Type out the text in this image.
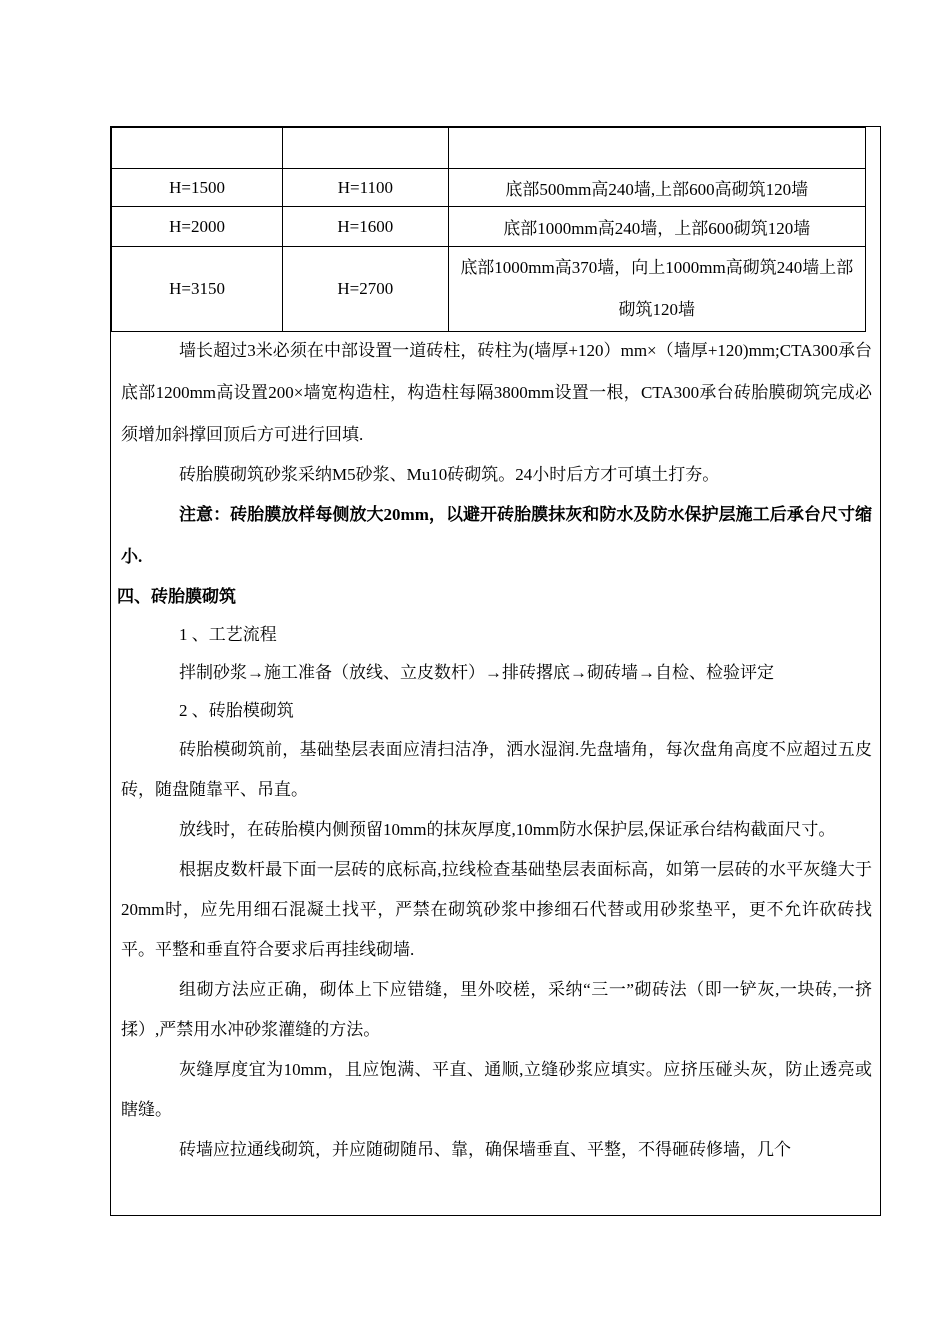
H=1500	H=1100	底部500mm高240墙,上部600高砌筑120墙
H=2000	H=1600	底部1000mm高240墙，上部600砌筑120墙
H=3150	H=2700	底部1000mm高370墙，向上1000mm高砌筑240墙上部砌筑120墙

墙长超过3米必须在中部设置一道砖柱，砖柱为(墙厚+120）mm×（墙厚+120)mm;CTA300承台底部1200mm高设置200×墙宽构造柱，构造柱每隔3800mm设置一根，CTA300承台砖胎膜砌筑完成必须增加斜撑回顶后方可进行回填.

砖胎膜砌筑砂浆采纳M5砂浆、Mu10砖砌筑。24小时后方才可填土打夯。

注意：砖胎膜放样每侧放大20mm，以避开砖胎膜抹灰和防水及防水保护层施工后承台尺寸缩小.

四、砖胎膜砌筑

1 、工艺流程

拌制砂浆→施工准备（放线、立皮数杆）→排砖撂底→砌砖墙→自检、检验评定

2 、砖胎模砌筑

砖胎模砌筑前，基础垫层表面应清扫洁净，洒水湿润.先盘墙角，每次盘角高度不应超过五皮砖，随盘随靠平、吊直。

放线时，在砖胎模内侧预留10mm的抹灰厚度,10mm防水保护层,保证承台结构截面尺寸。

根据皮数杆最下面一层砖的底标高,拉线检查基础垫层表面标高，如第一层砖的水平灰缝大于20mm时，应先用细石混凝土找平，严禁在砌筑砂浆中掺细石代替或用砂浆垫平，更不允许砍砖找平。平整和垂直符合要求后再挂线砌墙.

组砌方法应正确，砌体上下应错缝，里外咬槎，采纳“三一”砌砖法（即一铲灰,一块砖,一挤揉）,严禁用水冲砂浆灌缝的方法。

灰缝厚度宜为10mm，且应饱满、平直、通顺,立缝砂浆应填实。应挤压碰头灰，防止透亮或瞎缝。

砖墙应拉通线砌筑，并应随砌随吊、靠，确保墙垂直、平整，不得砸砖修墙，几个
